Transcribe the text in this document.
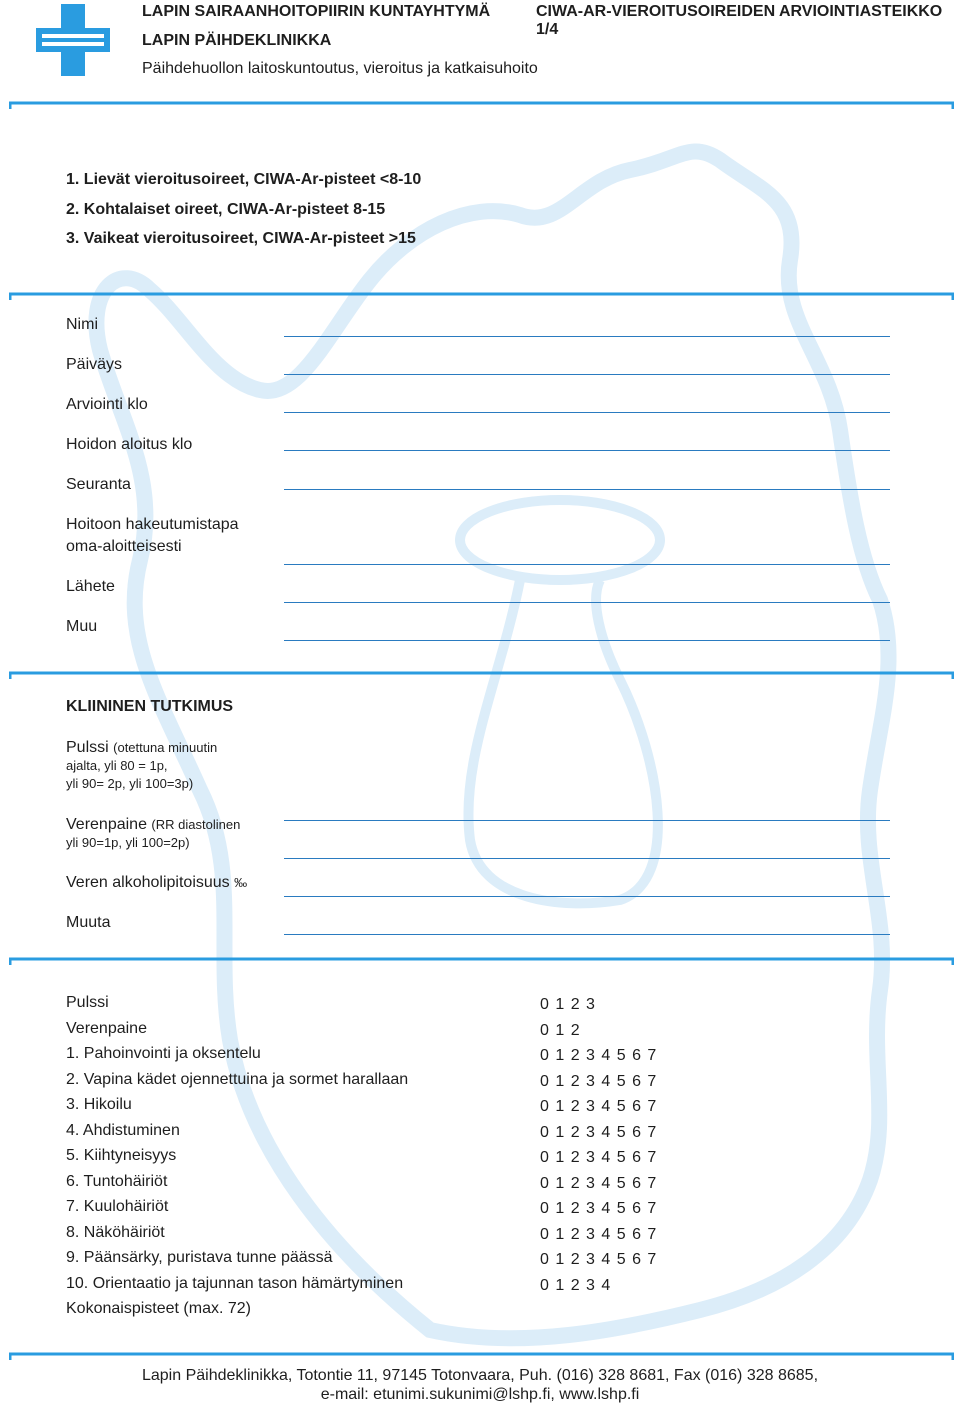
LAPIN SAIRAANHOITOPIIRIN KUNTAYHTYMÄ
LAPIN PÄIHDEKLINIKKA
Päihdehuollon laitoskuntoutus, vieroitus ja katkaisuhoito
CIWA-AR-VIEROITUSOIREIDEN ARVIOINTIASTEIKKO 1/4
1. Lievät vieroitusoireet, CIWA-Ar-pisteet <8-10
2. Kohtalaiset oireet, CIWA-Ar-pisteet 8-15
3. Vaikeat vieroitusoireet, CIWA-Ar-pisteet >15
Nimi
Päiväys
Arviointi klo
Hoidon aloitus klo
Seuranta
Hoitoon hakeutumistapa
oma-aloitteisesti
Lähete
Muu
KLIININEN TUTKIMUS
Pulssi (otettuna minuutin
ajalta, yli 80 = 1p,
yli 90= 2p, yli 100=3p)
Verenpaine (RR diastolinen
yli 90=1p, yli 100=2p)
Veren alkoholipitoisuus ‰
Muuta
Pulssi	0 1 2 3
Verenpaine	0 1 2
1. Pahoinvointi ja oksentelu	0 1 2 3 4 5 6 7
2. Vapina kädet ojennettuina ja sormet harallaan	0 1 2 3 4 5 6 7
3. Hikoilu	0 1 2 3 4 5 6 7
4. Ahdistuminen	0 1 2 3 4 5 6 7
5. Kiihtyneisyys	0 1 2 3 4 5 6 7
6. Tuntohäiriöt	0 1 2 3 4 5 6 7
7. Kuulohäiriöt	0 1 2 3 4 5 6 7
8. Näköhäiriöt	0 1 2 3 4 5 6 7
9. Päänsärky, puristava tunne päässä	0 1 2 3 4 5 6 7
10. Orientaatio ja tajunnan tason hämärtyminen	0 1 2 3 4
Kokonaispisteet (max. 72)
Lapin Päihdeklinikka, Totontie 11, 97145 Totonvaara, Puh. (016) 328 8681, Fax (016) 328 8685,
e-mail: etunimi.sukunimi@lshp.fi, www.lshp.fi
